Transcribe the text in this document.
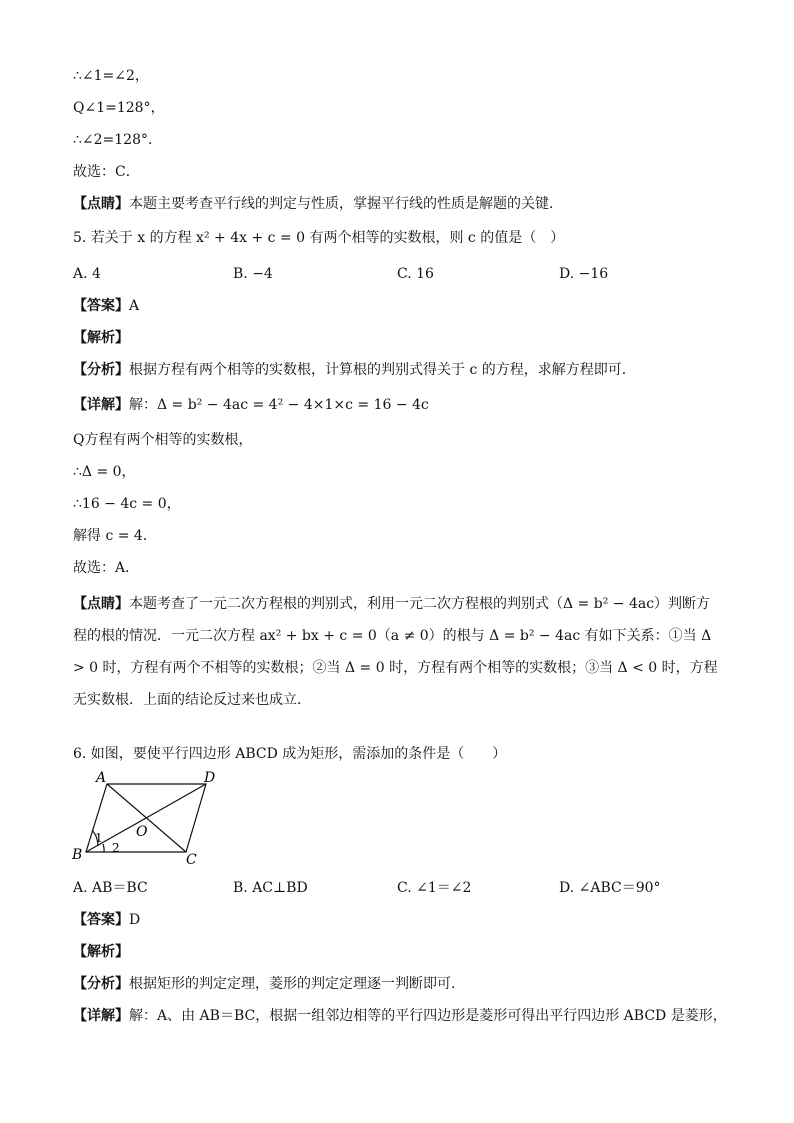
∴∠1=∠2，
Q∠1=128°，
∴∠2=128°．
故选：C．
【点睛】本题主要考查平行线的判定与性质，掌握平行线的性质是解题的关键．
5. 若关于 x 的方程 x² + 4x + c = 0 有两个相等的实数根，则 c 的值是（　）
A. 4	B. −4	C. 16	D. −16
【答案】A
【解析】
【分析】根据方程有两个相等的实数根，计算根的判别式得关于 c 的方程，求解方程即可．
【详解】解：Δ = b² − 4ac = 4² − 4×1×c = 16 − 4c
Q方程有两个相等的实数根，
∴Δ = 0，
∴16 − 4c = 0，
解得 c = 4．
故选：A．
【点睛】本题考查了一元二次方程根的判别式，利用一元二次方程根的判别式（Δ = b² − 4ac）判断方程的根的情况．一元二次方程 ax² + bx + c = 0（a ≠ 0）的根与 Δ = b² − 4ac 有如下关系：①当 Δ > 0 时，方程有两个不相等的实数根；②当 Δ = 0 时，方程有两个相等的实数根；③当 Δ < 0 时，方程无实数根．上面的结论反过来也成立．
6. 如图，要使平行四边形 ABCD 成为矩形，需添加的条件是（　　）
A	D
B	C
O
1
2
A. AB＝BC	B. AC⊥BD	C. ∠1＝∠2	D. ∠ABC＝90°
【答案】D
【解析】
【分析】根据矩形的判定定理，菱形的判定定理逐一判断即可．
【详解】解：A、由 AB＝BC，根据一组邻边相等的平行四边形是菱形可得出平行四边形 ABCD 是菱形，
